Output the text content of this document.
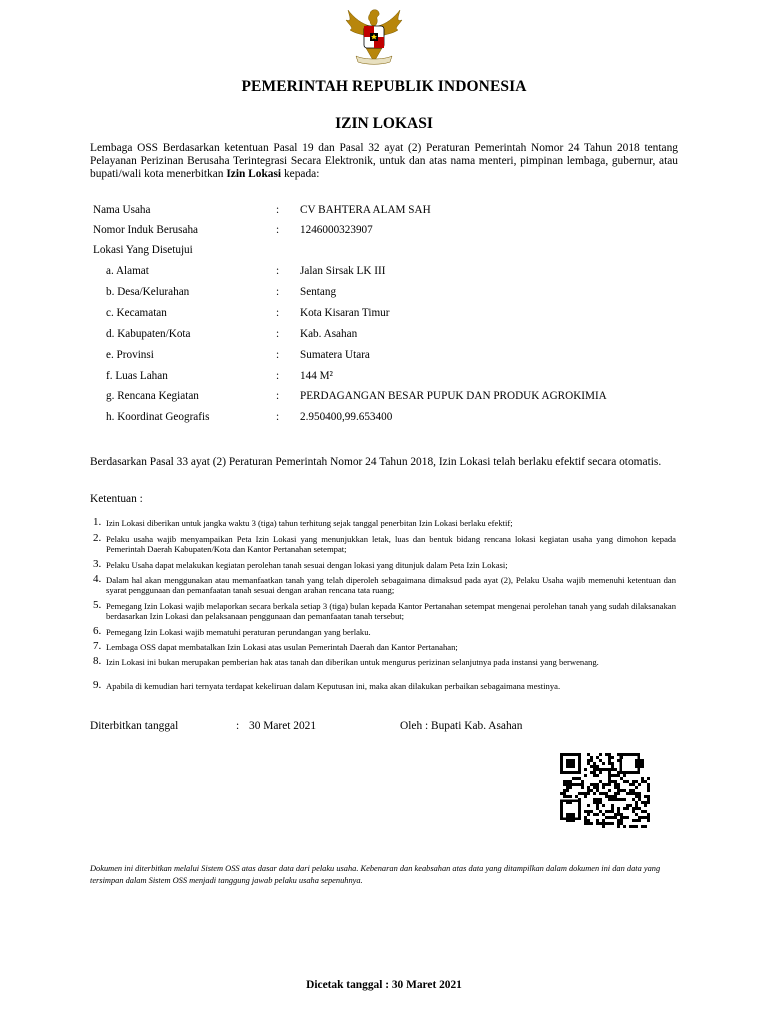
PEMERINTAH REPUBLIK INDONESIA
IZIN LOKASI
Lembaga OSS Berdasarkan ketentuan Pasal 19 dan Pasal 32 ayat (2) Peraturan Pemerintah Nomor 24 Tahun 2018 tentang Pelayanan Perizinan Berusaha Terintegrasi Secara Elektronik, untuk dan atas nama menteri, pimpinan lembaga, gubernur, atau bupati/wali kota menerbitkan Izin Lokasi kepada:
Nama Usaha	: CV BAHTERA ALAM SAH
Nomor Induk Berusaha	: 1246000323907
Lokasi Yang Disetujui
a. Alamat	: Jalan Sirsak LK III
b. Desa/Kelurahan	: Sentang
c. Kecamatan	: Kota Kisaran Timur
d. Kabupaten/Kota	: Kab. Asahan
e. Provinsi	: Sumatera Utara
f. Luas Lahan	: 144 M²
g. Rencana Kegiatan	: PERDAGANGAN BESAR PUPUK DAN PRODUK AGROKIMIA
h. Koordinat Geografis	: 2.950400,99.653400
Berdasarkan Pasal 33 ayat (2) Peraturan Pemerintah Nomor 24 Tahun 2018, Izin Lokasi telah berlaku efektif secara otomatis.
Ketentuan :
1. Izin Lokasi diberikan untuk jangka waktu 3 (tiga) tahun terhitung sejak tanggal penerbitan Izin Lokasi berlaku efektif;
2. Pelaku usaha wajib menyampaikan Peta Izin Lokasi yang menunjukkan letak, luas dan bentuk bidang rencana lokasi kegiatan usaha yang dimohon kepada Pemerintah Daerah Kabupaten/Kota dan Kantor Pertanahan setempat;
3. Pelaku Usaha dapat melakukan kegiatan perolehan tanah sesuai dengan lokasi yang ditunjuk dalam Peta Izin Lokasi;
4. Dalam hal akan menggunakan atau memanfaatkan tanah yang telah diperoleh sebagaimana dimaksud pada ayat (2), Pelaku Usaha wajib memenuhi ketentuan dan syarat penggunaan dan pemanfaatan tanah sesuai dengan arahan rencana tata ruang;
5. Pemegang Izin Lokasi wajib melaporkan secara berkala setiap 3 (tiga) bulan kepada Kantor Pertanahan setempat mengenai perolehan tanah yang sudah dilaksanakan berdasarkan Izin Lokasi dan pelaksanaan penggunaan dan pemanfaatan tanah tersebut;
6. Pemegang Izin Lokasi wajib mematuhi peraturan perundangan yang berlaku.
7. Lembaga OSS dapat membatalkan Izin Lokasi atas usulan Pemerintah Daerah dan Kantor Pertanahan;
8. Izin Lokasi ini bukan merupakan pemberian hak atas tanah dan diberikan untuk mengurus perizinan selanjutnya pada instansi yang berwenang.
9. Apabila di kemudian hari ternyata terdapat kekeliruan dalam Keputusan ini, maka akan dilakukan perbaikan sebagaimana mestinya.
Diterbitkan tanggal	: 30 Maret 2021	Oleh : Bupati Kab. Asahan
Dokumen ini diterbitkan melalui Sistem OSS atas dasar data dari pelaku usaha. Kebenaran dan keabsahan atas data yang ditampilkan dalam dokumen ini dan data yang tersimpan dalam Sistem OSS menjadi tanggung jawab pelaku usaha sepenuhnya.
Dicetak tanggal : 30 Maret 2021
